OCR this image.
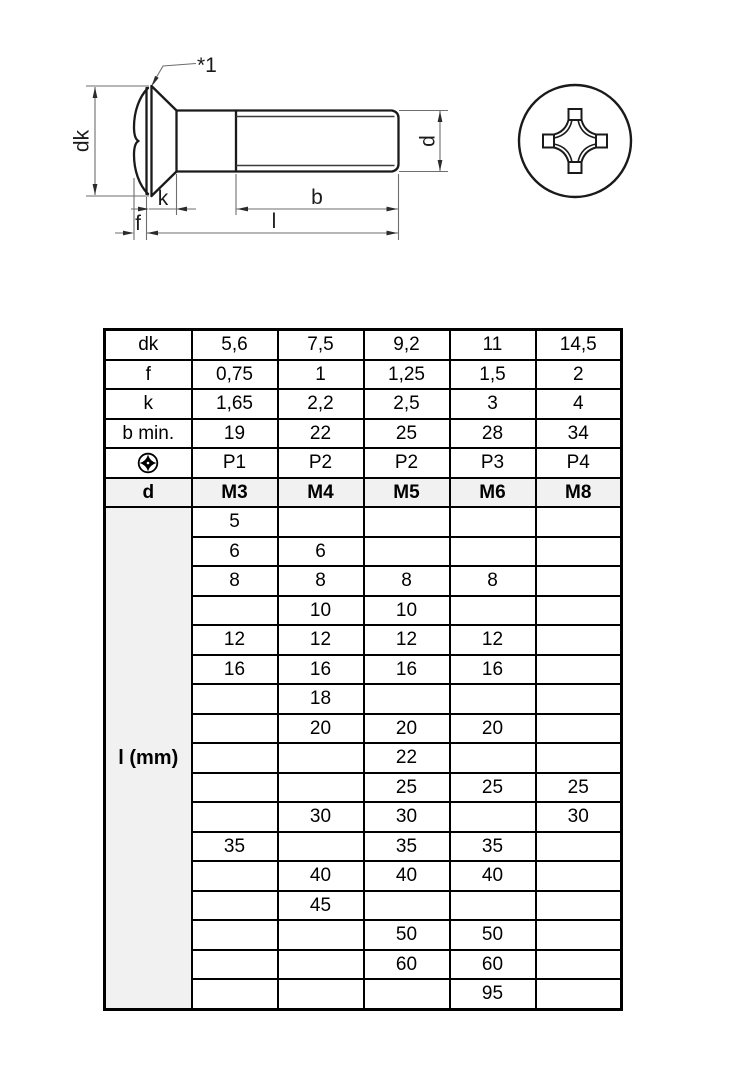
dk	d
*1
k
f
b
l
dk	5,6	7,5	9,2	11	14,5
f	0,75	1	1,25	1,5	2
k	1,65	2,2	2,5	3	4
b min.	19	22	25	28	34

	P1	P2	P2	P3	P4
d	M3	M4	M5	M6	M8
l (mm)	5				
	6	6			
	8	8	8	8	
		10	10		
	12	12	12	12	
	16	16	16	16	
		18			
		20	20	20	
			22		
			25	25	25
		30	30		30
	35		35	35	
		40	40	40	
		45			
			50	50	
			60	60	
				95	
